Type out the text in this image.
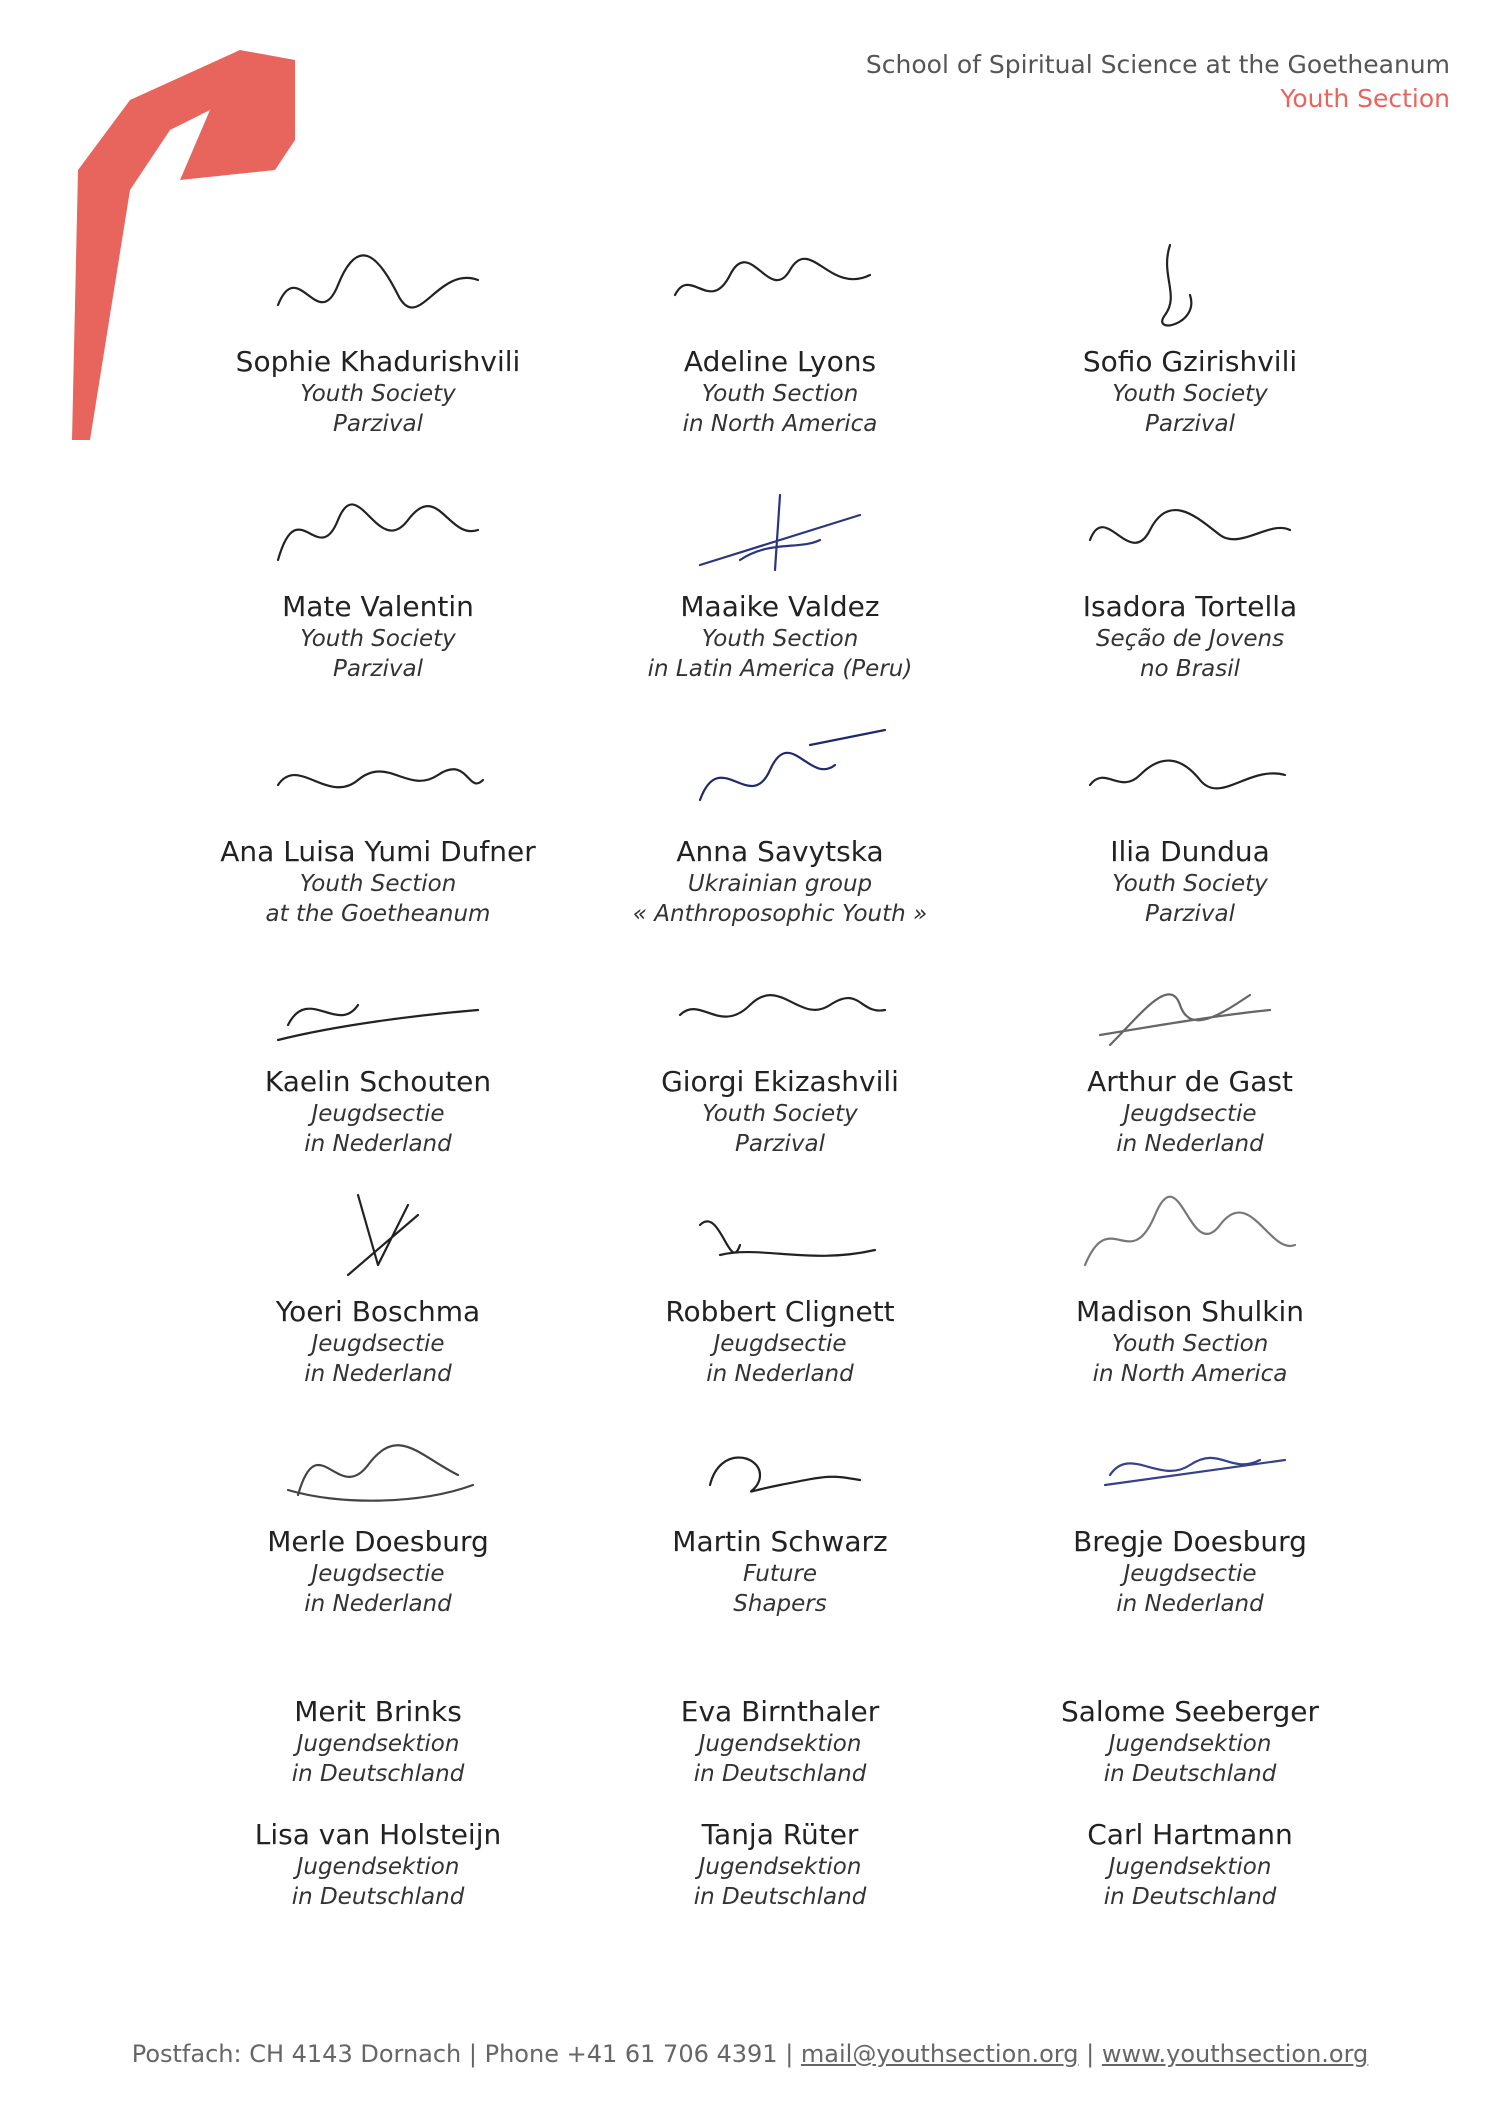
School of Spiritual Science at the Goetheanum
Youth Section
Sophie Khadurishvili
Youth Society
Parzival
Adeline Lyons
Youth Section
in North America
Sofio Gzirishvili
Youth Society
Parzival
Mate Valentin
Youth Society
Parzival
Maaike Valdez
Youth Section
in Latin America (Peru)
Isadora Tortella
Seção de Jovens
no Brasil
Ana Luisa Yumi Dufner
Youth Section
at the Goetheanum
Anna Savytska
Ukrainian group
« Anthroposophic Youth »
Ilia Dundua
Youth Society
Parzival
Kaelin Schouten
Jeugdsectie
in Nederland
Giorgi Ekizashvili
Youth Society
Parzival
Arthur de Gast
Jeugdsectie
in Nederland
Yoeri Boschma
Jeugdsectie
in Nederland
Robbert Clignett
Jeugdsectie
in Nederland
Madison Shulkin
Youth Section
in North America
Merle Doesburg
Jeugdsectie
in Nederland
Martin Schwarz
Future
Shapers
Bregje Doesburg
Jeugdsectie
in Nederland
Merit Brinks
Jugendsektion
in Deutschland
Eva Birnthaler
Jugendsektion
in Deutschland
Salome Seeberger
Jugendsektion
in Deutschland
Lisa van Holsteijn
Jugendsektion
in Deutschland
Tanja Rüter
Jugendsektion
in Deutschland
Carl Hartmann
Jugendsektion
in Deutschland
Postfach: CH 4143 Dornach | Phone +41 61 706 4391 | mail@youthsection.org | www.youthsection.org
